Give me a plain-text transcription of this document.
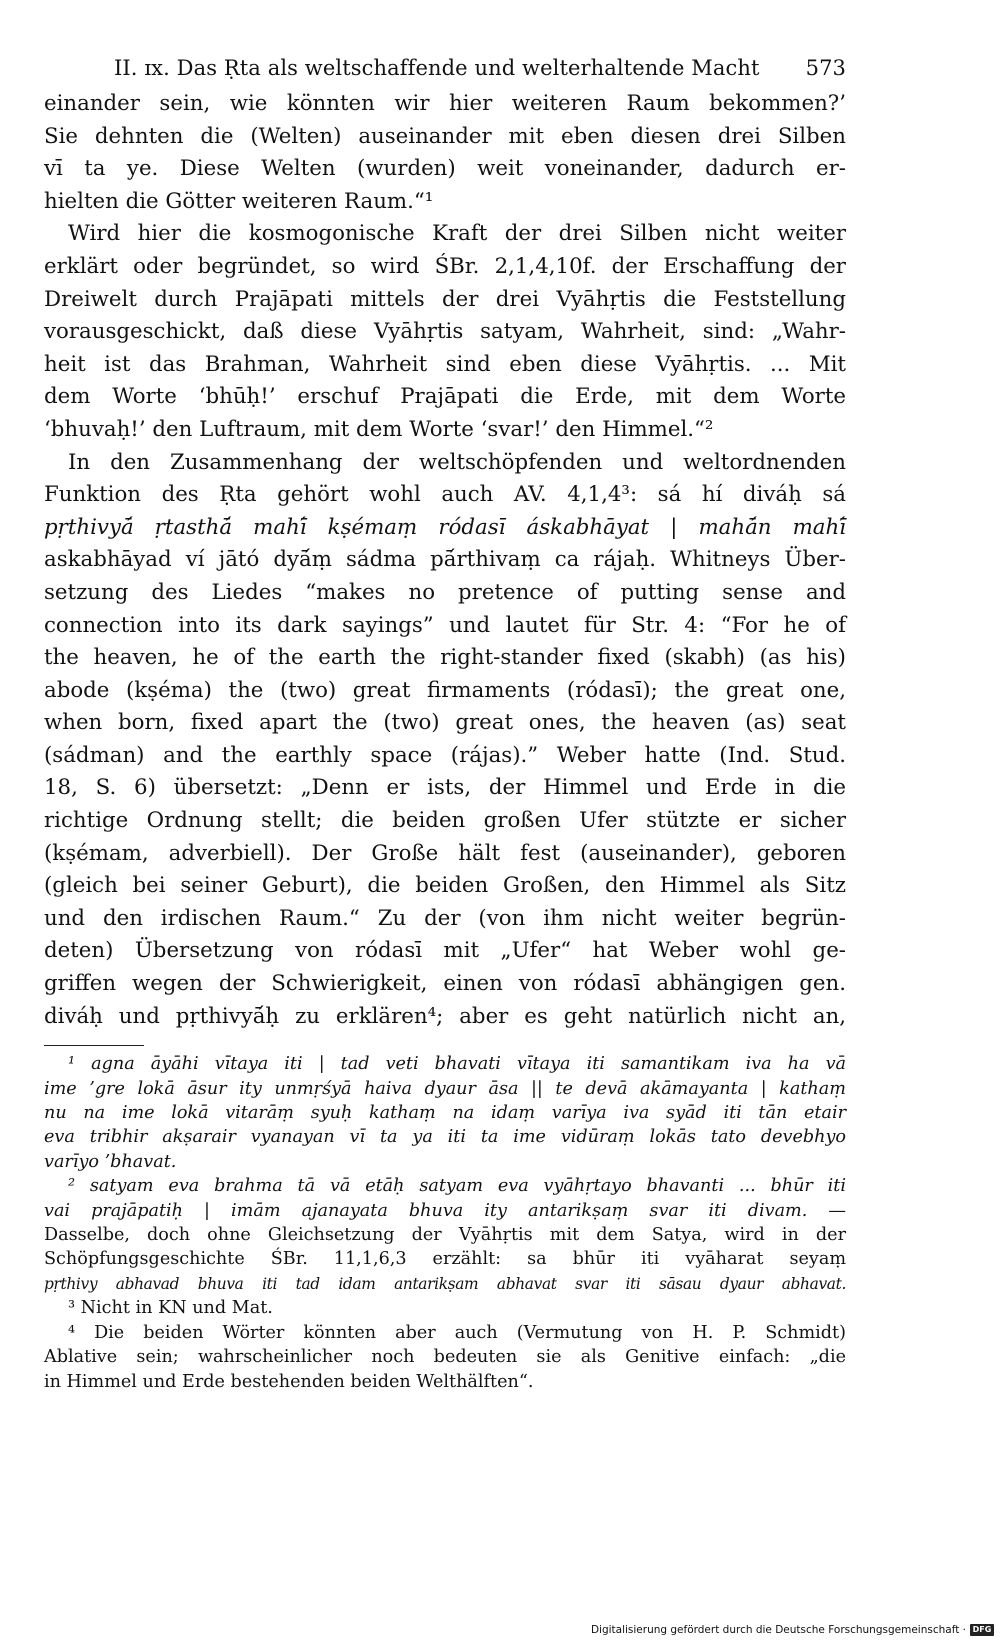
II. ɪx. Das Ṛta als weltschaffende und welterhaltende Macht 573
einander sein, wie könnten wir hier weiteren Raum bekommen?’
Sie dehnten die (Welten) auseinander mit eben diesen drei Silben
vī ta ye. Diese Welten (wurden) weit voneinander, dadurch er-
hielten die Götter weiteren Raum.“¹
Wird hier die kosmogonische Kraft der drei Silben nicht weiter
erklärt oder begründet, so wird ŚBr. 2,1,4,10f. der Erschaffung der
Dreiwelt durch Prajāpati mittels der drei Vyāhṛtis die Feststellung
vorausgeschickt, daß diese Vyāhṛtis satyam, Wahrheit, sind: „Wahr-
heit ist das Brahman, Wahrheit sind eben diese Vyāhṛtis. ... Mit
dem Worte ‘bhūḥ!’ erschuf Prajāpati die Erde, mit dem Worte
‘bhuvaḥ!’ den Luftraum, mit dem Worte ‘svar!’ den Himmel.“²
In den Zusammenhang der weltschöpfenden und weltordnenden
Funktion des Ṛta gehört wohl auch AV. 4,1,4³: sá hí diváḥ sá
pṛthivyā́ ṛtasthā́ mahī́ kṣémaṃ ródasī áskabhāyat | mahā́n mahī́
askabhāyad ví jātó dyā́ṃ sádma pā́rthivaṃ ca rájaḥ. Whitneys Über-
setzung des Liedes “makes no pretence of putting sense and
connection into its dark sayings” und lautet für Str. 4: “For he of
the heaven, he of the earth the right-stander fixed (skabh) (as his)
abode (kṣéma) the (two) great firmaments (ródasī); the great one,
when born, fixed apart the (two) great ones, the heaven (as) seat
(sádman) and the earthly space (rájas).” Weber hatte (Ind. Stud.
18, S. 6) übersetzt: „Denn er ists, der Himmel und Erde in die
richtige Ordnung stellt; die beiden großen Ufer stützte er sicher
(kṣémam, adverbiell). Der Große hält fest (auseinander), geboren
(gleich bei seiner Geburt), die beiden Großen, den Himmel als Sitz
und den irdischen Raum.“ Zu der (von ihm nicht weiter begrün-
deten) Übersetzung von ródasī mit „Ufer“ hat Weber wohl ge-
griffen wegen der Schwierigkeit, einen von ródasī abhängigen gen.
diváḥ und pṛthivyā́ḥ zu erklären⁴; aber es geht natürlich nicht an,
¹ agna āyāhi vītaya iti | tad veti bhavati vītaya iti samantikam iva ha vā
ime ’gre lokā āsur ity unmṛśyā haiva dyaur āsa || te devā akāmayanta | kathaṃ
nu na ime lokā vitarāṃ syuḥ kathaṃ na idaṃ varīya iva syād iti tān etair
eva tribhir akṣarair vyanayan vī ta ya iti ta ime vidūraṃ lokās tato devebhyo
varīyo ’bhavat.
² satyam eva brahma tā vā etāḥ satyam eva vyāhṛtayo bhavanti ... bhūr iti
vai prajāpatiḥ | imām ajanayata bhuva ity antarikṣaṃ svar iti divam. —
Dasselbe, doch ohne Gleichsetzung der Vyāhṛtis mit dem Satya, wird in der
Schöpfungsgeschichte ŚBr. 11,1,6,3 erzählt: sa bhūr iti vyāharat seyaṃ
pṛthivy abhavad bhuva iti tad idam antarikṣam abhavat svar iti sāsau dyaur abhavat.
³ Nicht in KN und Mat.
⁴ Die beiden Wörter könnten aber auch (Vermutung von H. P. Schmidt)
Ablative sein; wahrscheinlicher noch bedeuten sie als Genitive einfach: „die
in Himmel und Erde bestehenden beiden Welthälften“.
Digitalisierung gefördert durch die Deutsche Forschungsgemeinschaft · DFG
